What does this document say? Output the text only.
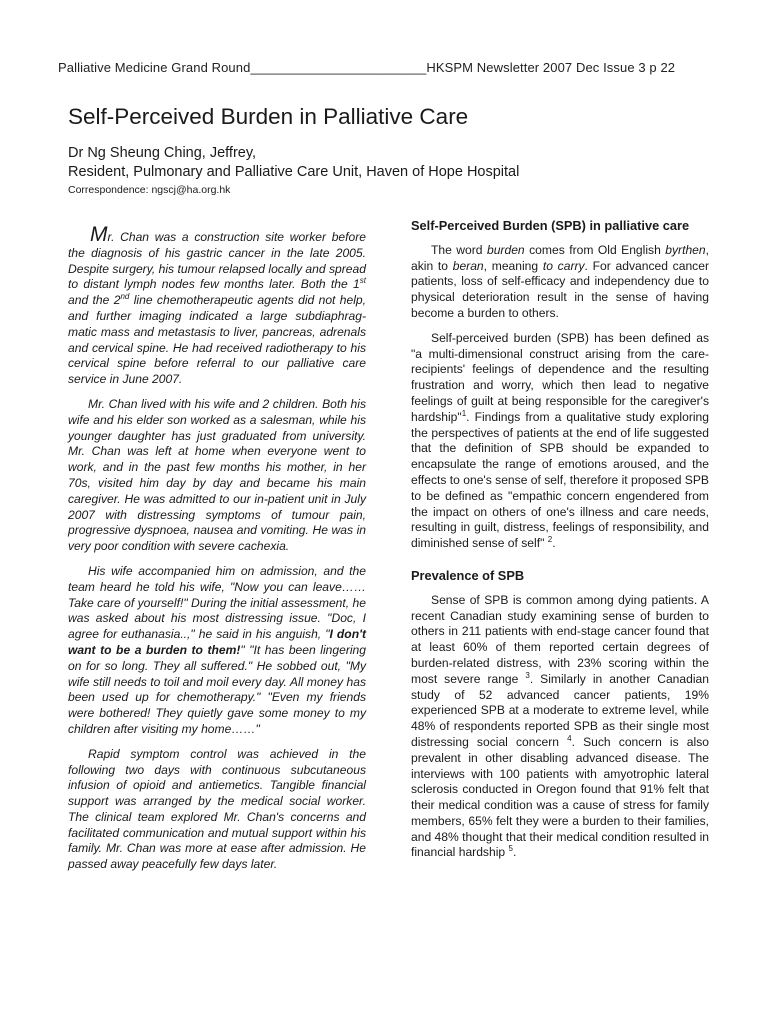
Palliative Medicine Grand Round________________________HKSPM Newsletter 2007 Dec Issue 3 p 22
Self-Perceived Burden in Palliative Care
Dr Ng Sheung Ching, Jeffrey,
Resident, Pulmonary and Palliative Care Unit, Haven of Hope Hospital
Correspondence: ngscj@ha.org.hk

Mr. Chan was a construction site worker before the diagnosis of his gastric cancer in the late 2005. Despite surgery, his tumour relapsed locally and spread to distant lymph nodes few months later. Both the 1st and the 2nd line chemotherapeutic agents did not help, and further imaging indicated a large subdiaphrag-matic mass and metastasis to liver, pancreas, adrenals and cervical spine. He had received radiotherapy to his cervical spine before referral to our palliative care service in June 2007.

Mr. Chan lived with his wife and 2 children. Both his wife and his elder son worked as a salesman, while his younger daughter has just graduated from university. Mr. Chan was left at home when everyone went to work, and in the past few months his mother, in her 70s, visited him day by day and became his main caregiver. He was admitted to our in-patient unit in July 2007 with distressing symptoms of tumour pain, progressive dyspnoea, nausea and vomiting. He was in very poor condition with severe cachexia.

His wife accompanied him on admission, and the team heard he told his wife, "Now you can leave…… Take care of yourself!" During the initial assessment, he was asked about his most distressing issue. "Doc, I agree for euthanasia..," he said in his anguish, "I don't want to be a burden to them!" "It has been lingering on for so long. They all suffered." He sobbed out, "My wife still needs to toil and moil every day. All money has been used up for chemotherapy." "Even my friends were bothered! They quietly gave some money to my children after visiting my home……"

Rapid symptom control was achieved in the following two days with continuous subcutaneous infusion of opioid and antiemetics. Tangible financial support was arranged by the medical social worker. The clinical team explored Mr. Chan's concerns and facilitated communication and mutual support within his family. Mr. Chan was more at ease after admission. He passed away peacefully few days later.

Self-Perceived Burden (SPB) in palliative care

The word burden comes from Old English byrthen, akin to beran, meaning to carry. For advanced cancer patients, loss of self-efficacy and independency due to physical deterioration result in the sense of having become a burden to others.

Self-perceived burden (SPB) has been defined as "a multi-dimensional construct arising from the care-recipients' feelings of dependence and the resulting frustration and worry, which then lead to negative feelings of guilt at being responsible for the caregiver's hardship"$^1$. Findings from a qualitative study exploring the perspectives of patients at the end of life suggested that the definition of SPB should be expanded to encapsulate the range of emotions aroused, and the effects to one's sense of self, therefore it proposed SPB to be defined as "empathic concern engendered from the impact on others of one's illness and care needs, resulting in guilt, distress, feelings of responsibility, and diminished sense of self" $^2$.

Prevalence of SPB

Sense of SPB is common among dying patients. A recent Canadian study examining sense of burden to others in 211 patients with end-stage cancer found that at least 60% of them reported certain degrees of burden-related distress, with 23% scoring within the most severe range $^3$. Similarly in another Canadian study of 52 advanced cancer patients, 19% experienced SPB at a moderate to extreme level, while 48% of respondents reported SPB as their single most distressing social concern $^4$. Such concern is also prevalent in other disabling advanced disease. The interviews with 100 patients with amyotrophic lateral sclerosis conducted in Oregon found that 91% felt that their medical condition was a cause of stress for family members, 65% felt they were a burden to their families, and 48% thought that their medical condition resulted in financial hardship $^5$.
